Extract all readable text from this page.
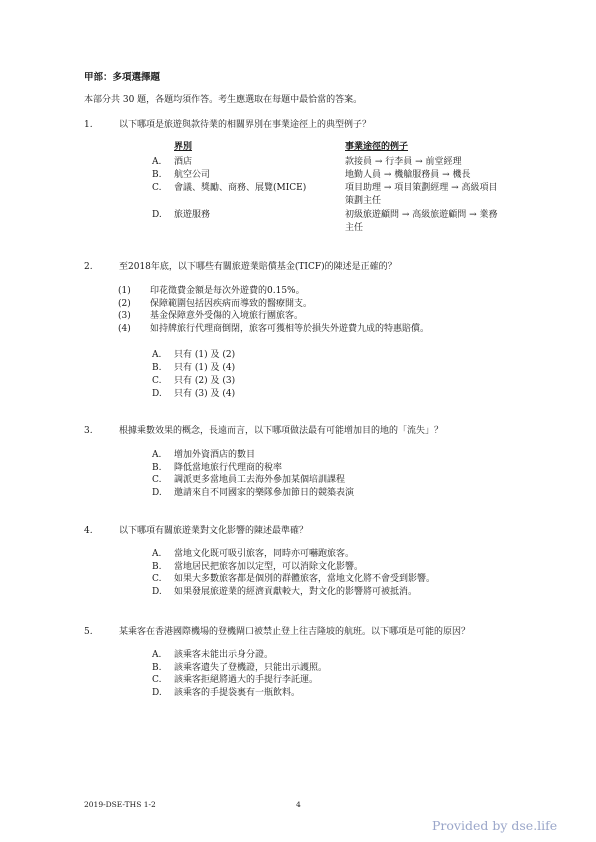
甲部：多項選擇題
本部分共 30 題，各題均須作答。考生應選取在每題中最恰當的答案。
1.	以下哪項是旅遊與款待業的相關界別在事業途徑上的典型例子？
界別	事業途徑的例子
A. 酒店	款接員 → 行李員 → 前堂經理
B. 航空公司	地勤人員 → 機艙服務員 → 機長
C. 會議、獎勵、商務、展覽(MICE)	項目助理 → 項目策劃經理 → 高級項目
策劃主任
D. 旅遊服務	初級旅遊顧問 → 高級旅遊顧問 → 業務
主任
2.	至2018年底，以下哪些有關旅遊業賠償基金(TICF)的陳述是正確的？
(1) 印花徵費金額是每次外遊費的0.15%。
(2) 保障範圍包括因疾病而導致的醫療開支。
(3) 基金保障意外受傷的入境旅行團旅客。
(4) 如持牌旅行代理商倒閉，旅客可獲相等於損失外遊費九成的特惠賠償。
A. 只有 (1) 及 (2)
B. 只有 (1) 及 (4)
C. 只有 (2) 及 (3)
D. 只有 (3) 及 (4)
3.	根據乘數效果的概念，長遠而言，以下哪項做法最有可能增加目的地的「流失」？
A. 增加外資酒店的數目
B. 降低當地旅行代理商的稅率
C. 調派更多當地員工去海外參加某個培訓課程
D. 邀請來自不同國家的樂隊參加節日的競築表演
4.	以下哪項有關旅遊業對文化影響的陳述最準確？
A. 當地文化既可吸引旅客，同時亦可嚇跑旅客。
B. 當地居民把旅客加以定型，可以消除文化影響。
C. 如果大多數旅客都是個別的群體旅客，當地文化將不會受到影響。
D. 如果發展旅遊業的經濟貢獻較大，對文化的影響將可被抵消。
5.	某乘客在香港國際機場的登機閘口被禁止登上往吉隆坡的航班。以下哪項是可能的原因？
A. 該乘客未能出示身分證。
B. 該乘客遺失了登機證，只能出示護照。
C. 該乘客拒絕將過大的手提行李託運。
D. 該乘客的手提袋裏有一瓶飲料。
2019-DSE-THS 1-2	4
Provided by dse.life
